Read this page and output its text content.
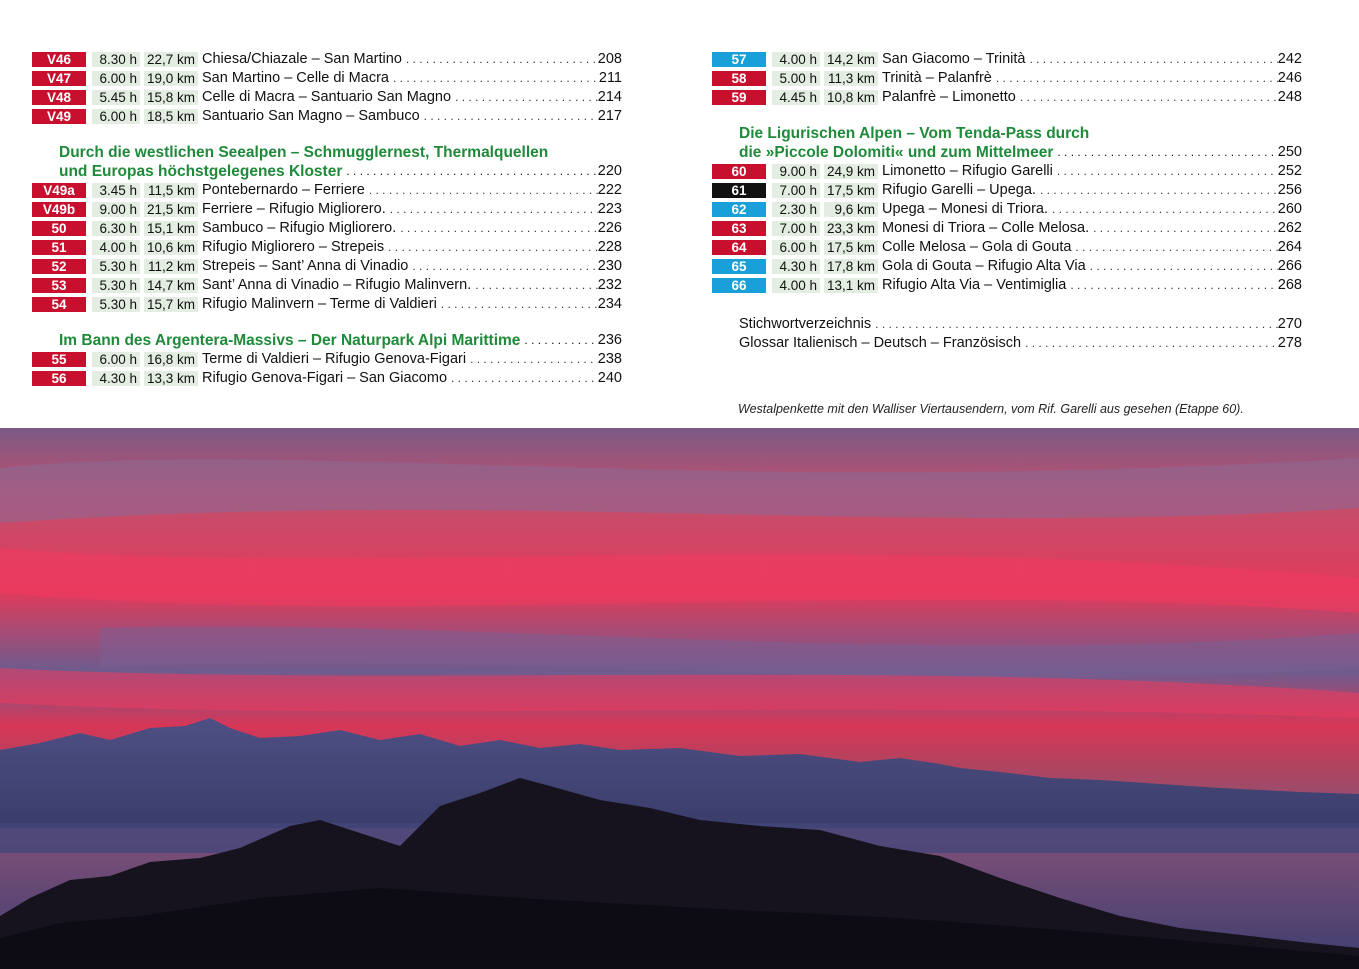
V46	8.30 h 22,7 km Chiesa/Chiazale – San Martino . . .	208
V47	6.00 h 19,0 km San Martino – Celle di Macra . . .	211
V48	5.45 h 15,8 km Celle di Macra – Santuario San Magno . . .	214
V49	6.00 h 18,5 km Santuario San Magno – Sambuco . . .	217
Durch die westlichen Seealpen – Schmugglernest, Thermalquellen
und Europas höchstgelegenes Kloster . . .	220
V49a	3.45 h 11,5 km Pontebernardo – Ferriere . . .	222
V49b	9.00 h 21,5 km Ferriere – Rifugio Migliorero. . . .	223
50	6.30 h 15,1 km Sambuco – Rifugio Migliorero. . . .	226
51	4.00 h 10,6 km Rifugio Migliorero – Strepeis . . .	228
52	5.30 h 11,2 km Strepeis – Sant’ Anna di Vinadio . . .	230
53	5.30 h 14,7 km Sant’ Anna di Vinadio – Rifugio Malinvern. . . .	232
54	5.30 h 15,7 km Rifugio Malinvern – Terme di Valdieri . . .	234
Im Bann des Argentera-Massivs – Der Naturpark Alpi Marittime . . .	236
55	6.00 h 16,8 km Terme di Valdieri – Rifugio Genova-Figari . . .	238
56	4.30 h 13,3 km Rifugio Genova-Figari – San Giacomo . . .	240
57	4.00 h 14,2 km San Giacomo – Trinità . . .	242
58	5.00 h 11,3 km Trinità – Palanfrè . . .	246
59	4.45 h 10,8 km Palanfrè – Limonetto . . .	248
Die Ligurischen Alpen – Vom Tenda-Pass durch
die »Piccole Dolomiti« und zum Mittelmeer . . .	250
60	9.00 h 24,9 km Limonetto – Rifugio Garelli . . .	252
61	7.00 h 17,5 km Rifugio Garelli – Upega. . . .	256
62	2.30 h	9,6 km Upega – Monesi di Triora. . . .	260
63	7.00 h 23,3 km Monesi di Triora – Colle Melosa. . . .	262
64	6.00 h 17,5 km Colle Melosa – Gola di Gouta . . .	264
65	4.30 h 17,8 km Gola di Gouta – Rifugio Alta Via . . .	266
66	4.00 h 13,1 km Rifugio Alta Via – Ventimiglia . . .	268
Stichwortverzeichnis . . .	270
Glossar Italienisch – Deutsch – Französisch . . .	278
Westalpenkette mit den Walliser Viertausendern, vom Rif. Garelli aus gesehen (Etappe 60).
